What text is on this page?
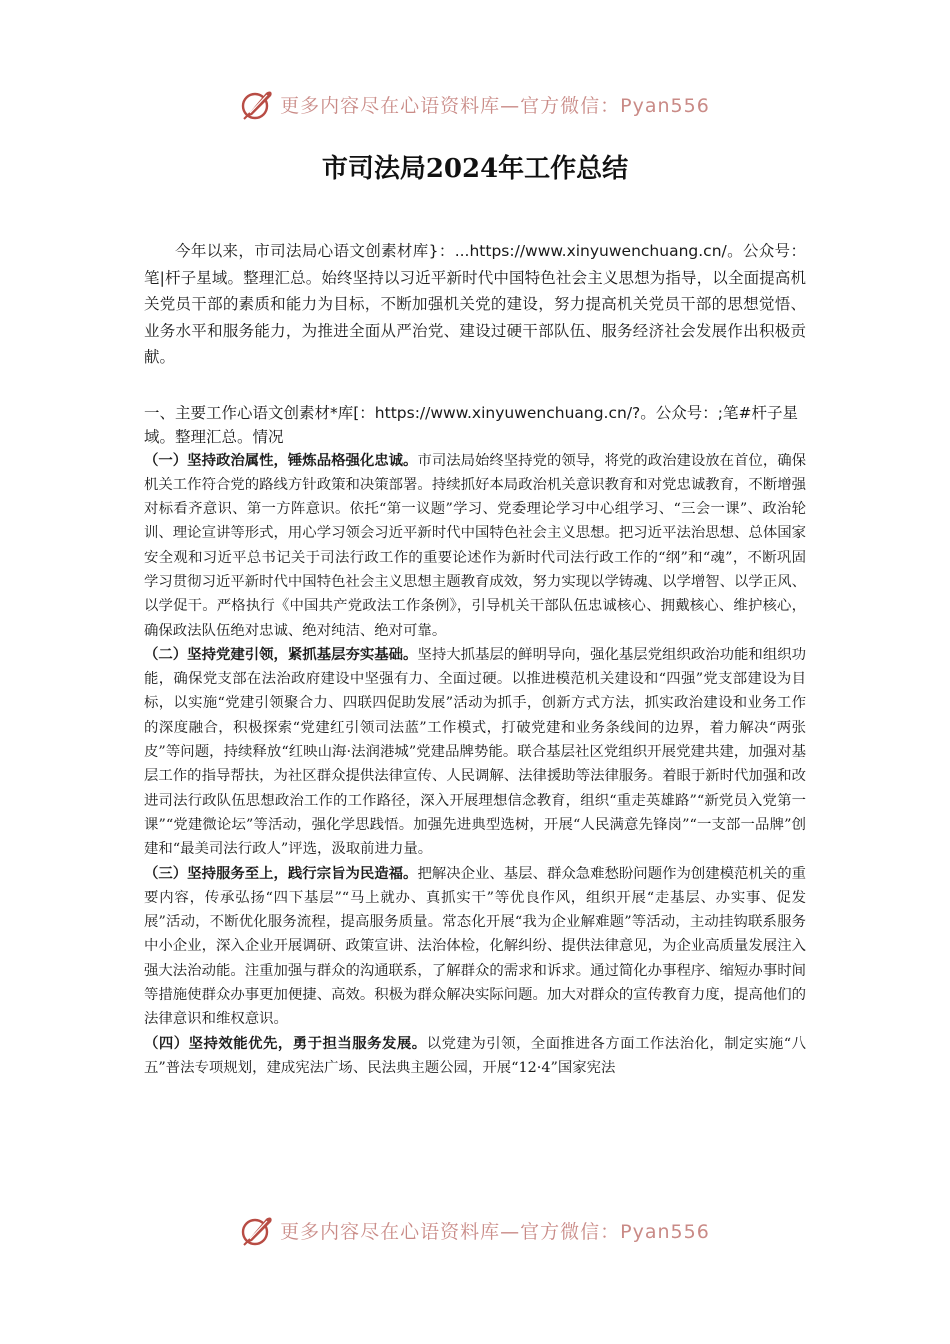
更多内容尽在心语资料库—官方微信：Pyan556
市司法局2024年工作总结

今年以来，市司法局心语文创素材库}：...https://www.xinyuwenchuang.cn/。公众号：笔|杆子星域。整理汇总。始终坚持以习近平新时代中国特色社会主义思想为指导，以全面提高机关党员干部的素质和能力为目标，不断加强机关党的建设，努力提高机关党员干部的思想觉悟、业务水平和服务能力，为推进全面从严治党、建设过硬干部队伍、服务经济社会发展作出积极贡献。

一、主要工作心语文创素材*库[：https://www.xinyuwenchuang.cn/?。公众号：;笔#杆子星域。整理汇总。情况

（一）坚持政治属性，锤炼品格强化忠诚。市司法局始终坚持党的领导，将党的政治建设放在首位，确保机关工作符合党的路线方针政策和决策部署。持续抓好本局政治机关意识教育和对党忠诚教育，不断增强对标看齐意识、第一方阵意识。依托“第一议题”学习、党委理论学习中心组学习、“三会一课”、政治轮训、理论宣讲等形式，用心学习领会习近平新时代中国特色社会主义思想。把习近平法治思想、总体国家安全观和习近平总书记关于司法行政工作的重要论述作为新时代司法行政工作的“纲”和“魂”，不断巩固学习贯彻习近平新时代中国特色社会主义思想主题教育成效，努力实现以学铸魂、以学增智、以学正风、以学促干。严格执行《中国共产党政法工作条例》，引导机关干部队伍忠诚核心、拥戴核心、维护核心，确保政法队伍绝对忠诚、绝对纯洁、绝对可靠。

（二）坚持党建引领，紧抓基层夯实基础。坚持大抓基层的鲜明导向，强化基层党组织政治功能和组织功能，确保党支部在法治政府建设中坚强有力、全面过硬。以推进模范机关建设和“四强”党支部建设为目标，以实施“党建引领聚合力、四联四促助发展”活动为抓手，创新方式方法，抓实政治建设和业务工作的深度融合，积极探索“党建红引领司法蓝”工作模式，打破党建和业务条线间的边界，着力解决“两张皮”等问题，持续释放“红映山海·法润港城”党建品牌势能。联合基层社区党组织开展党建共建，加强对基层工作的指导帮扶，为社区群众提供法律宣传、人民调解、法律援助等法律服务。着眼于新时代加强和改进司法行政队伍思想政治工作的工作路径，深入开展理想信念教育，组织“重走英雄路”“新党员入党第一课”“党建微论坛”等活动，强化学思践悟。加强先进典型选树，开展“人民满意先锋岗”“一支部一品牌”创建和“最美司法行政人”评选，汲取前进力量。

（三）坚持服务至上，践行宗旨为民造福。把解决企业、基层、群众急难愁盼问题作为创建模范机关的重要内容，传承弘扬“四下基层”“马上就办、真抓实干”等优良作风，组织开展“走基层、办实事、促发展”活动，不断优化服务流程，提高服务质量。常态化开展“我为企业解难题”等活动，主动挂钩联系服务中小企业，深入企业开展调研、政策宣讲、法治体检，化解纠纷、提供法律意见，为企业高质量发展注入强大法治动能。注重加强与群众的沟通联系，了解群众的需求和诉求。通过简化办事程序、缩短办事时间等措施使群众办事更加便捷、高效。积极为群众解决实际问题。加大对群众的宣传教育力度，提高他们的法律意识和维权意识。

（四）坚持效能优先，勇于担当服务发展。以党建为引领，全面推进各方面工作法治化，制定实施“八五”普法专项规划，建成宪法广场、民法典主题公园，开展“12·4”国家宪法

更多内容尽在心语资料库—官方微信：Pyan556
